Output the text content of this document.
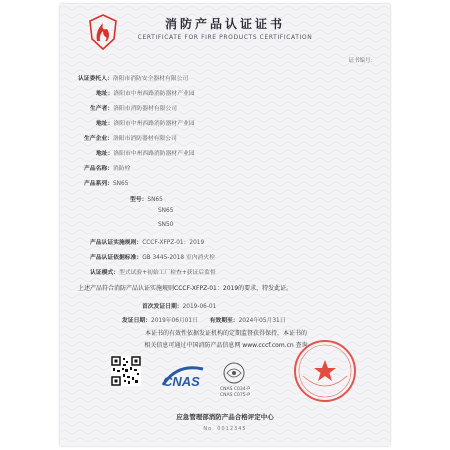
消防产品认证证书
CERTIFICATE FOR FIRE PRODUCTS CERTIFICATION
证书编号：
认证委托人：洛阳市消防安全器材有限公司
地址：洛阳市中州西路消防器材产业园
生产者：洛阳市消防器材有限公司
地址：洛阳市中州西路消防器材产业园
生产企业：洛阳市消防器材有限公司
地址：洛阳市中州西路消防器材产业园
产品名称：消防栓
产品系列：SN65
型号：SN65
SN65
SN50
产品认证实施规则：CCCF-XFPZ-01：2019
产品认证依据标准：GB 3445-2018 室内消火栓
认证模式：型式试验+初始工厂检查+获证后监督
上述产品符合消防产品认证实施规则CCCF-XFPZ-01：2019的要求，特发此证。
首次发证日期：2019-06-01
发证日期：2019年06月01日 有效期至：2024年05月31日
本证书的有效性依据发证机构的定期监督获得保持，本证书的
相关信息可通过中国消防产品信息网 www.cccf.com.cn 查询
CNAS
CNAS C034-P
CNAS C075-P
应急管理部消防产品合格评定中心
No. 0012345
